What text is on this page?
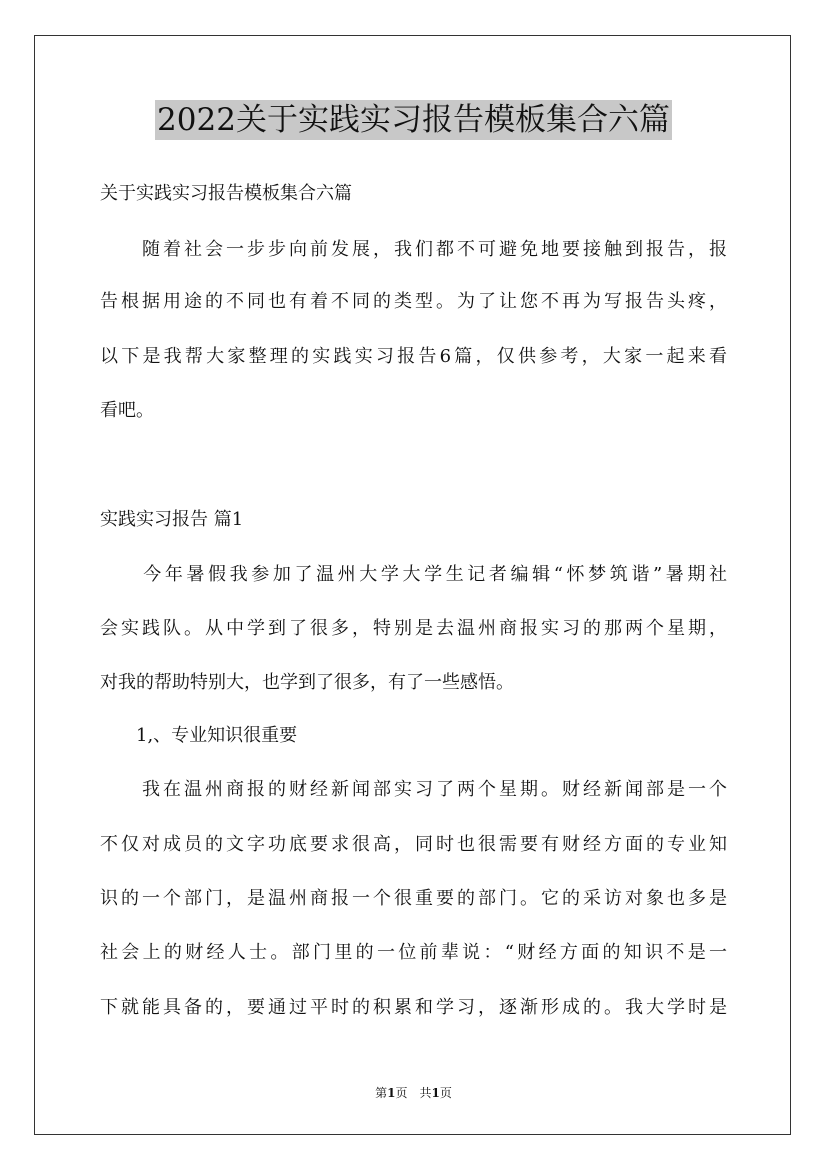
2022关于实践实习报告模板集合六篇
关于实践实习报告模板集合六篇
　　随着社会一步步向前发展，我们都不可避免地要接触到报告，报
告根据用途的不同也有着不同的类型。为了让您不再为写报告头疼，
以下是我帮大家整理的实践实习报告6篇，仅供参考，大家一起来看
看吧。
实践实习报告 篇1
　　今年暑假我参加了温州大学大学生记者编辑“怀梦筑谐”暑期社
会实践队。从中学到了很多，特别是去温州商报实习的那两个星期，
对我的帮助特别大，也学到了很多，有了一些感悟。
　　1,、专业知识很重要
　　我在温州商报的财经新闻部实习了两个星期。财经新闻部是一个
不仅对成员的文字功底要求很高，同时也很需要有财经方面的专业知
识的一个部门，是温州商报一个很重要的部门。它的采访对象也多是
社会上的财经人士。部门里的一位前辈说：“财经方面的知识不是一
下就能具备的，要通过平时的积累和学习，逐渐形成的。我大学时是
第1页　共1页
